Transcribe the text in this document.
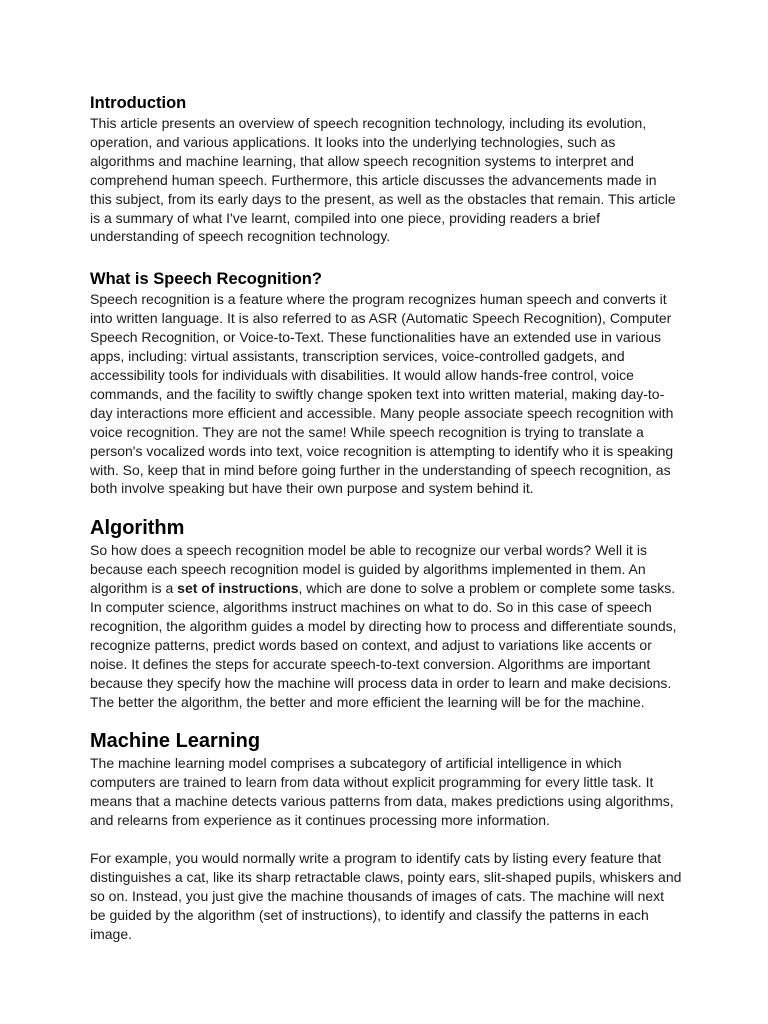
Introduction

This article presents an overview of speech recognition technology, including its evolution, operation, and various applications. It looks into the underlying technologies, such as algorithms and machine learning, that allow speech recognition systems to interpret and comprehend human speech. Furthermore, this article discusses the advancements made in this subject, from its early days to the present, as well as the obstacles that remain. This article is a summary of what I've learnt, compiled into one piece, providing readers a brief understanding of speech recognition technology.

What is Speech Recognition?

Speech recognition is a feature where the program recognizes human speech and converts it into written language. It is also referred to as ASR (Automatic Speech Recognition), Computer Speech Recognition, or Voice-to-Text. These functionalities have an extended use in various apps, including: virtual assistants, transcription services, voice-controlled gadgets, and accessibility tools for individuals with disabilities. It would allow hands-free control, voice commands, and the facility to swiftly change spoken text into written material, making day-to-day interactions more efficient and accessible. Many people associate speech recognition with voice recognition. They are not the same! While speech recognition is trying to translate a person's vocalized words into text, voice recognition is attempting to identify who it is speaking with. So, keep that in mind before going further in the understanding of speech recognition, as both involve speaking but have their own purpose and system behind it.

Algorithm

So how does a speech recognition model be able to recognize our verbal words? Well it is because each speech recognition model is guided by algorithms implemented in them. An algorithm is a set of instructions, which are done to solve a problem or complete some tasks. In computer science, algorithms instruct machines on what to do. So in this case of speech recognition, the algorithm guides a model by directing how to process and differentiate sounds, recognize patterns, predict words based on context, and adjust to variations like accents or noise. It defines the steps for accurate speech-to-text conversion. Algorithms are important because they specify how the machine will process data in order to learn and make decisions. The better the algorithm, the better and more efficient the learning will be for the machine.

Machine Learning

The machine learning model comprises a subcategory of artificial intelligence in which computers are trained to learn from data without explicit programming for every little task. It means that a machine detects various patterns from data, makes predictions using algorithms, and relearns from experience as it continues processing more information.

For example, you would normally write a program to identify cats by listing every feature that distinguishes a cat, like its sharp retractable claws, pointy ears, slit-shaped pupils, whiskers and so on. Instead, you just give the machine thousands of images of cats. The machine will next be guided by the algorithm (set of instructions), to identify and classify the patterns in each image.
